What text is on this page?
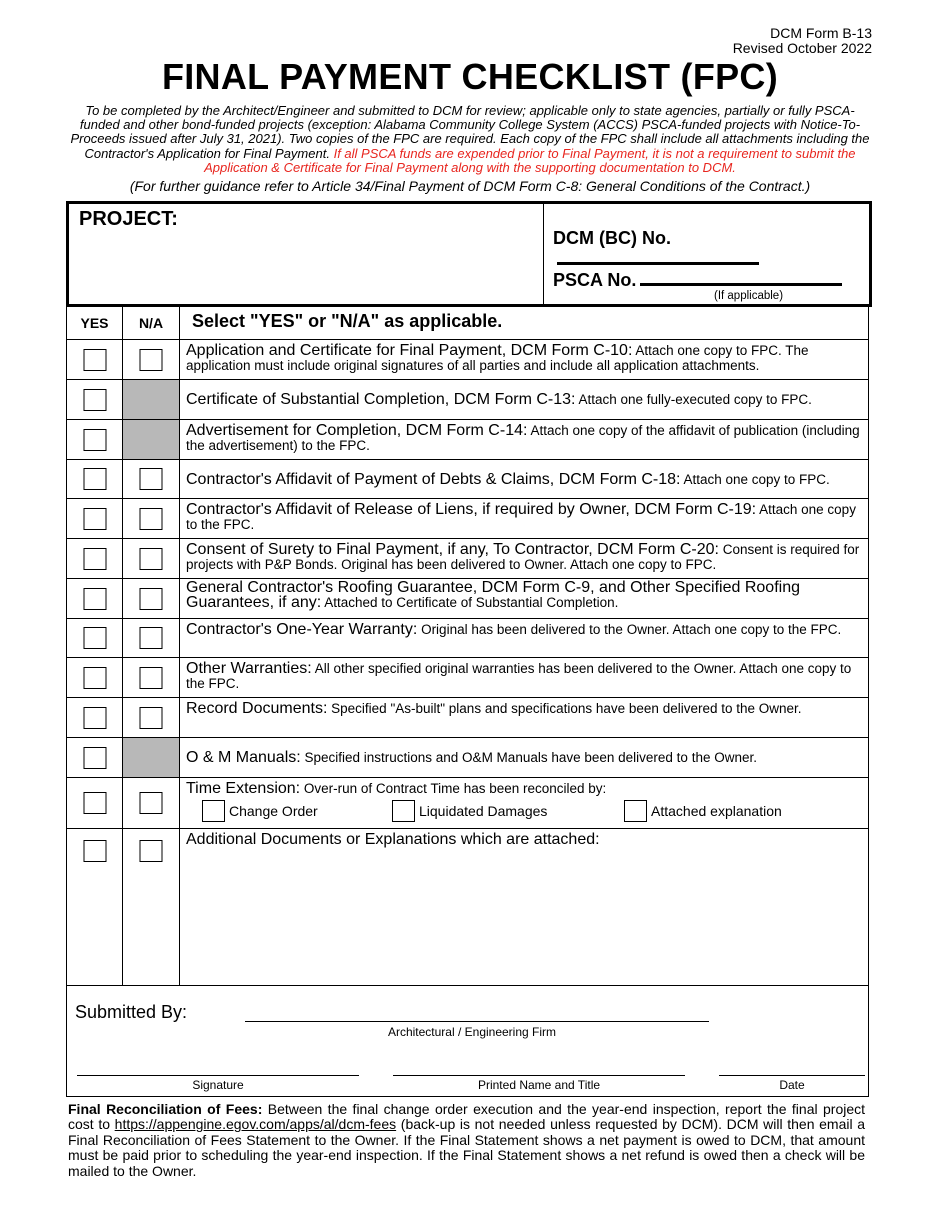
DCM Form B-13
Revised October 2022
FINAL PAYMENT CHECKLIST (FPC)

To be completed by the Architect/Engineer and submitted to DCM for review; applicable only to state agencies, partially or fully PSCA-funded and other bond-funded projects (exception: Alabama Community College System (ACCS) PSCA-funded projects with Notice-To-Proceeds issued after July 31, 2021). Two copies of the FPC are required. Each copy of the FPC shall include all attachments including the Contractor's Application for Final Payment. If all PSCA funds are expended prior to Final Payment, it is not a requirement to submit the Application & Certificate for Final Payment along with the supporting documentation to DCM.

(For further guidance refer to Article 34/Final Payment of DCM Form C-8: General Conditions of the Contract.)

PROJECT:
DCM (BC) No.
PSCA No.
(If applicable)
YES	N/A	Select "YES" or "N/A" as applicable.
Application and Certificate for Final Payment, DCM Form C-10: Attach one copy to FPC. The application must include original signatures of all parties and include all application attachments.
Certificate of Substantial Completion, DCM Form C-13: Attach one fully-executed copy to FPC.
Advertisement for Completion, DCM Form C-14: Attach one copy of the affidavit of publication (including the advertisement) to the FPC.
Contractor's Affidavit of Payment of Debts & Claims, DCM Form C-18: Attach one copy to FPC.
Contractor's Affidavit of Release of Liens, if required by Owner, DCM Form C-19: Attach one copy to the FPC.
Consent of Surety to Final Payment, if any, To Contractor, DCM Form C-20: Consent is required for projects with P&P Bonds. Original has been delivered to Owner. Attach one copy to FPC.
General Contractor's Roofing Guarantee, DCM Form C-9, and Other Specified Roofing Guarantees, if any: Attached to Certificate of Substantial Completion.
Contractor's One-Year Warranty: Original has been delivered to the Owner. Attach one copy to the FPC.
Other Warranties: All other specified original warranties has been delivered to the Owner. Attach one copy to the FPC.
Record Documents: Specified "As-built" plans and specifications have been delivered to the Owner.
O & M Manuals: Specified instructions and O&M Manuals have been delivered to the Owner.
Time Extension: Over-run of Contract Time has been reconciled by:
Change Order	Liquidated Damages	Attached explanation
Additional Documents or Explanations which are attached:
Submitted By:
Architectural / Engineering Firm
Signature	Printed Name and Title	Date

Final Reconciliation of Fees: Between the final change order execution and the year-end inspection, report the final project cost to https://appengine.egov.com/apps/al/dcm-fees (back-up is not needed unless requested by DCM). DCM will then email a Final Reconciliation of Fees Statement to the Owner. If the Final Statement shows a net payment is owed to DCM, that amount must be paid prior to scheduling the year-end inspection. If the Final Statement shows a net refund is owed then a check will be mailed to the Owner.
